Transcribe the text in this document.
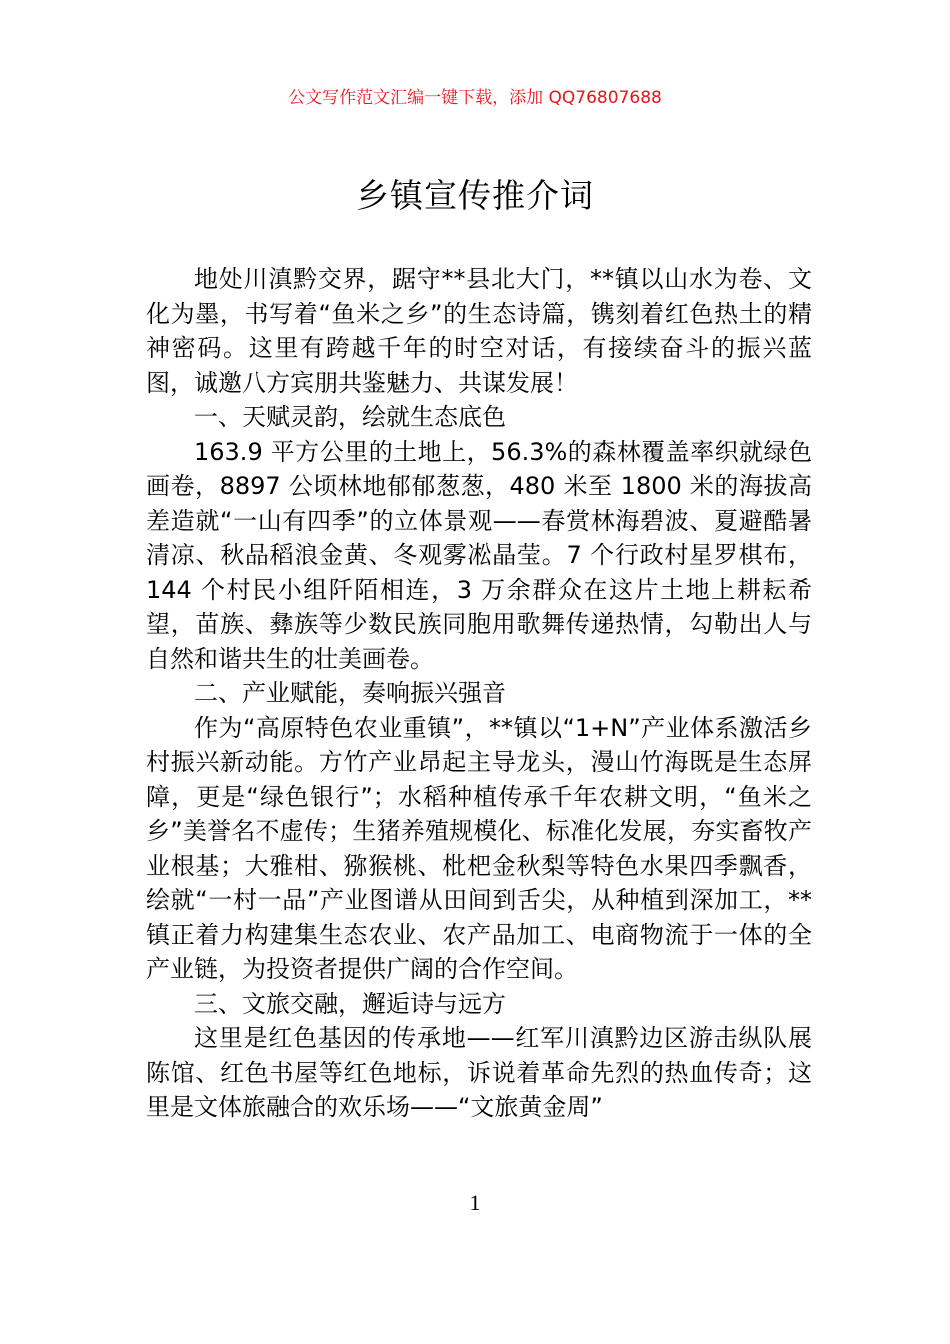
公文写作范文汇编一键下载，添加 QQ76807688
乡镇宣传推介词

地处川滇黔交界，踞守**县北大门，**镇以山水为卷、文化为墨，书写着“鱼米之乡”的生态诗篇，镌刻着红色热土的精神密码。这里有跨越千年的时空对话，有接续奋斗的振兴蓝图，诚邀八方宾朋共鉴魅力、共谋发展！

一、天赋灵韵，绘就生态底色

163.9 平方公里的土地上，56.3%的森林覆盖率织就绿色画卷，8897 公顷林地郁郁葱葱，480 米至 1800 米的海拔高差造就“一山有四季”的立体景观——春赏林海碧波、夏避酷暑清凉、秋品稻浪金黄、冬观雾凇晶莹。7 个行政村星罗棋布，144 个村民小组阡陌相连，3 万余群众在这片土地上耕耘希望，苗族、彝族等少数民族同胞用歌舞传递热情，勾勒出人与自然和谐共生的壮美画卷。

二、产业赋能，奏响振兴强音

作为“高原特色农业重镇”，**镇以“1+N”产业体系激活乡村振兴新动能。方竹产业昂起主导龙头，漫山竹海既是生态屏障，更是“绿色银行”；水稻种植传承千年农耕文明，“鱼米之乡”美誉名不虚传；生猪养殖规模化、标准化发展，夯实畜牧产业根基；大雅柑、猕猴桃、枇杷金秋梨等特色水果四季飘香，绘就“一村一品”产业图谱从田间到舌尖，从种植到深加工，**镇正着力构建集生态农业、农产品加工、电商物流于一体的全产业链，为投资者提供广阔的合作空间。

三、文旅交融，邂逅诗与远方

这里是红色基因的传承地——红军川滇黔边区游击纵队展陈馆、红色书屋等红色地标，诉说着革命先烈的热血传奇；这里是文体旅融合的欢乐场——“文旅黄金周”

1
